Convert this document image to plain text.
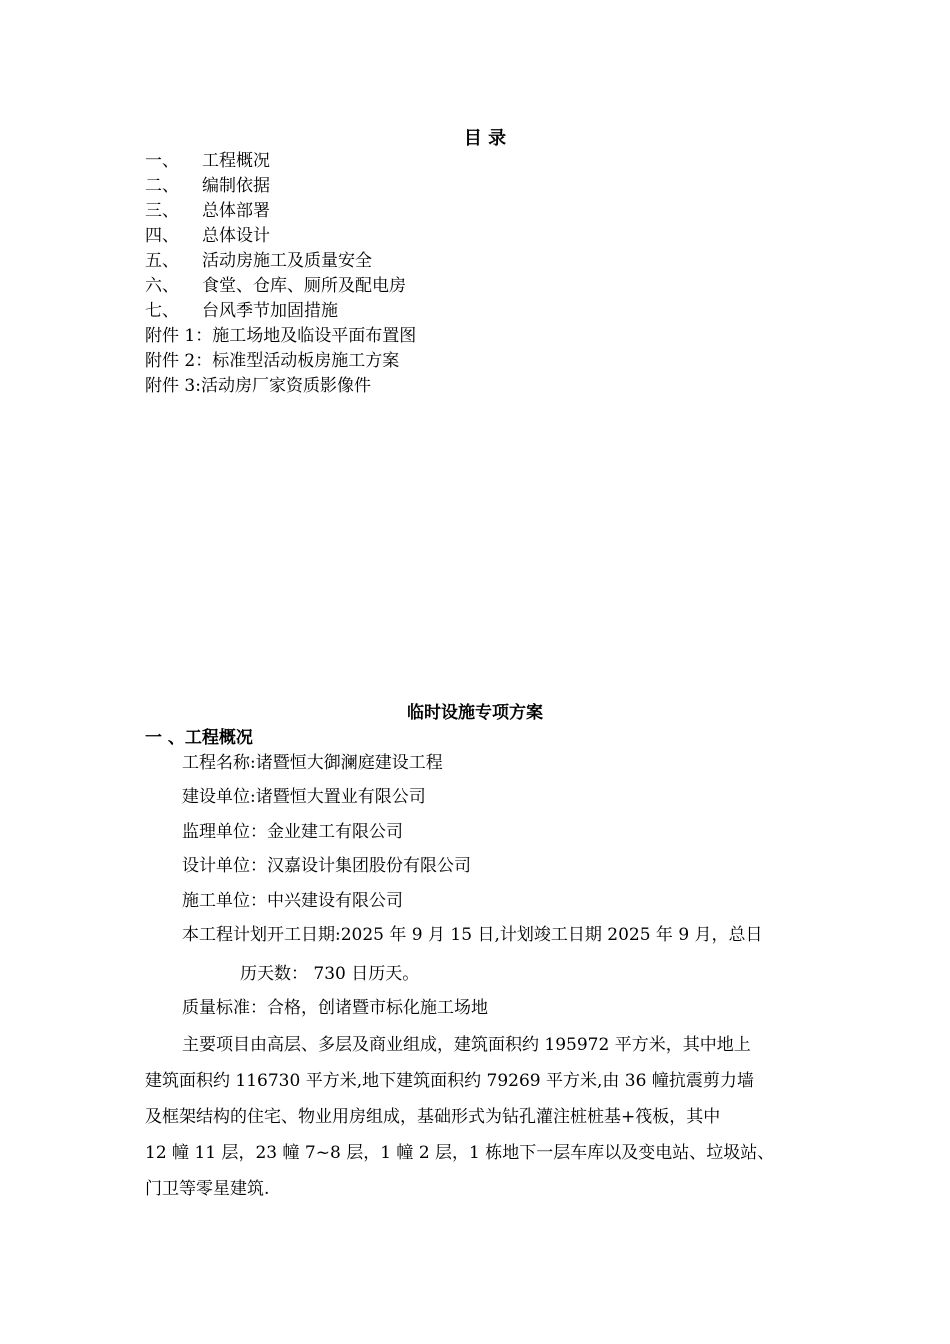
目 录
一、 工程概况
二、 编制依据
三、 总体部署
四、 总体设计
五、 活动房施工及质量安全
六、 食堂、仓库、厕所及配电房
七、 台风季节加固措施
附件 1：施工场地及临设平面布置图
附件 2：标准型活动板房施工方案
附件 3:活动房厂家资质影像件
临时设施专项方案
一 、工程概况
工程名称:诸暨恒大御澜庭建设工程
建设单位:诸暨恒大置业有限公司
监理单位：金业建工有限公司
设计单位：汉嘉设计集团股份有限公司
施工单位：中兴建设有限公司
本工程计划开工日期:2025 年 9 月 15 日,计划竣工日期 2025 年 9 月，总日
历天数： 730 日历天。
质量标准：合格，创诸暨市标化施工场地
主要项目由高层、多层及商业组成，建筑面积约 195972 平方米，其中地上
建筑面积约 116730 平方米,地下建筑面积约 79269 平方米,由 36 幢抗震剪力墙
及框架结构的住宅、物业用房组成，基础形式为钻孔灌注桩桩基+筏板，其中
12 幢 11 层，23 幢 7~8 层，1 幢 2 层，1 栋地下一层车库以及变电站、垃圾站、
门卫等零星建筑.
